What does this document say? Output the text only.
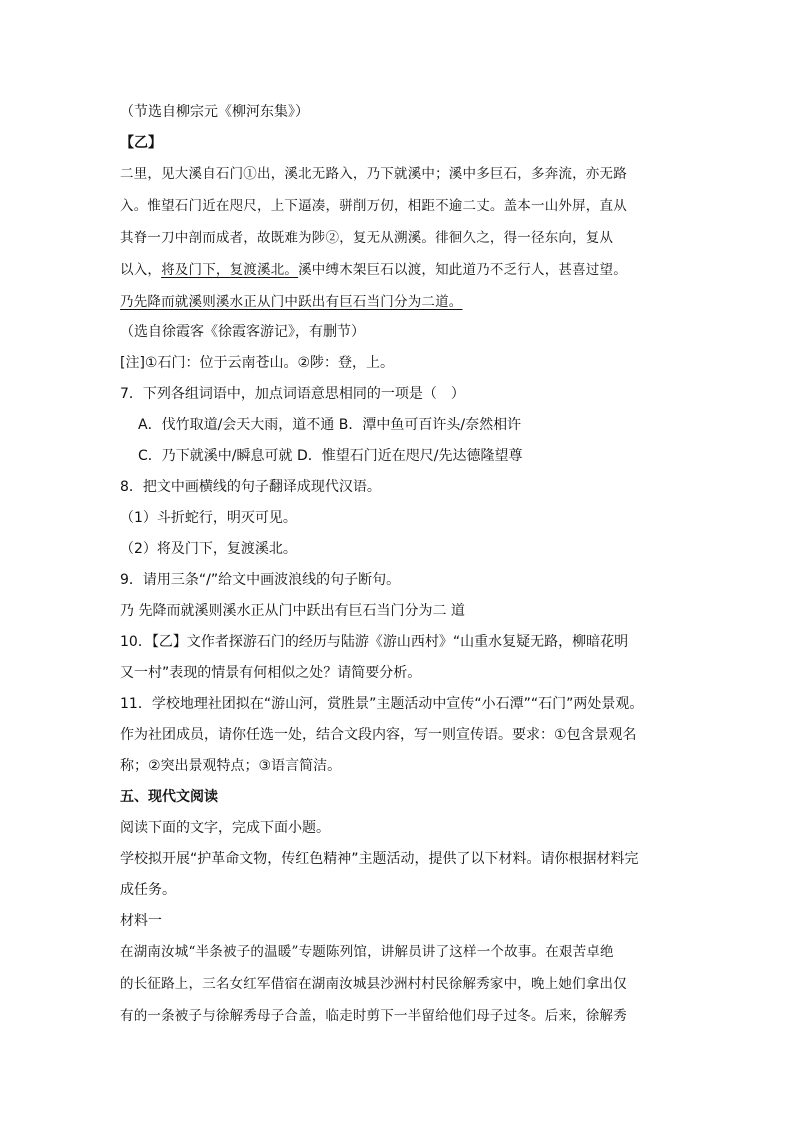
（节选自柳宗元《柳河东集》）
【乙】
二里，见大溪自石门①出，溪北无路入，乃下就溪中；溪中多巨石，多奔流，亦无路
入。惟望石门近在咫尺，上下逼凑，骈削万仞，相距不逾二丈。盖本一山外屏，直从
其脊一刀中剖而成者，故既难为陟②，复无从溯溪。徘徊久之，得一径东向，复从
以入，将及门下，复渡溪北。溪中缚木架巨石以渡，知此道乃不乏行人，甚喜过望。
乃先降而就溪则溪水正从门中跃出有巨石当门分为二道。
（选自徐霞客《徐霞客游记》，有删节）
[注]①石门：位于云南苍山。②陟：登，上。
7．下列各组词语中，加点词语意思相同的一项是（　）
A．伐竹取道/会天大雨，道不通 B．潭中鱼可百许头/奈然相许
C．乃下就溪中/瞬息可就 D．惟望石门近在咫尺/先达德隆望尊
8．把文中画横线的句子翻译成现代汉语。
（1）斗折蛇行，明灭可见。
（2）将及门下，复渡溪北。
9．请用三条“/”给文中画波浪线的句子断句。
乃 先降而就溪则溪水正从门中跃出有巨石当门分为二 道
10．【乙】文作者探游石门的经历与陆游《游山西村》“山重水复疑无路，柳暗花明
又一村”表现的情景有何相似之处？请简要分析。
11．学校地理社团拟在“游山河，赏胜景”主题活动中宣传“小石潭”“石门”两处景观。
作为社团成员，请你任选一处，结合文段内容，写一则宣传语。要求：①包含景观名
称；②突出景观特点；③语言简洁。
五、现代文阅读
阅读下面的文字，完成下面小题。
学校拟开展“护革命文物，传红色精神”主题活动，提供了以下材料。请你根据材料完
成任务。
材料一
在湖南汝城“半条被子的温暖”专题陈列馆，讲解员讲了这样一个故事。在艰苦卓绝
的长征路上，三名女红军借宿在湖南汝城县沙洲村村民徐解秀家中，晚上她们拿出仅
有的一条被子与徐解秀母子合盖，临走时剪下一半留给他们母子过冬。后来，徐解秀
